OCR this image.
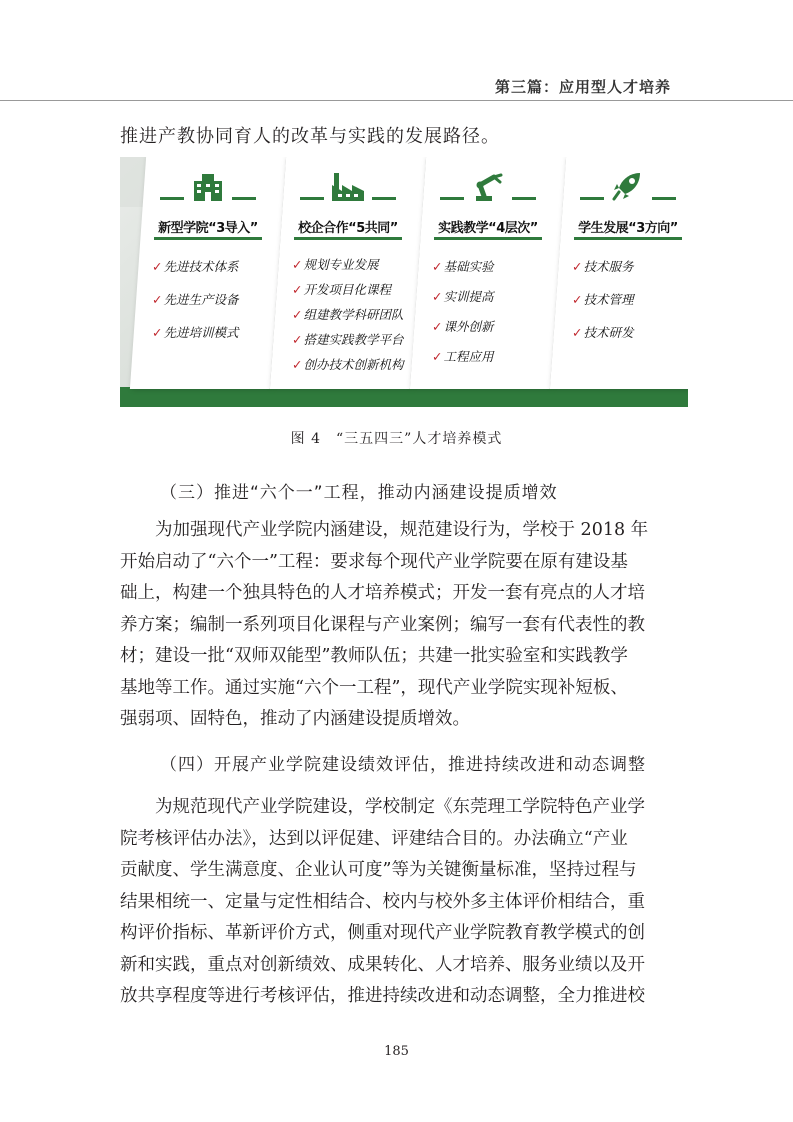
第三篇：应用型人才培养
推进产教协同育人的改革与实践的发展路径。
新型学院“3导入”
✓先进技术体系
✓先进生产设备
✓先进培训模式
校企合作“5共同”
✓规划专业发展
✓开发项目化课程
✓组建教学科研团队
✓搭建实践教学平台
✓创办技术创新机构
实践教学“4层次”
✓基础实验
✓实训提高
✓课外创新
✓工程应用
学生发展“3方向”
✓技术服务
✓技术管理
✓技术研发
图 4　“三五四三”人才培养模式
（三）推进“六个一”工程，推动内涵建设提质增效

为加强现代产业学院内涵建设，规范建设行为，学校于 2018 年
开始启动了“六个一”工程：要求每个现代产业学院要在原有建设基
础上，构建一个独具特色的人才培养模式；开发一套有亮点的人才培
养方案；编制一系列项目化课程与产业案例；编写一套有代表性的教
材；建设一批“双师双能型”教师队伍；共建一批实验室和实践教学
基地等工作。通过实施“六个一工程”，现代产业学院实现补短板、
强弱项、固特色，推动了内涵建设提质增效。

（四）开展产业学院建设绩效评估，推进持续改进和动态调整

为规范现代产业学院建设，学校制定《东莞理工学院特色产业学
院考核评估办法》，达到以评促建、评建结合目的。办法确立“产业
贡献度、学生满意度、企业认可度”等为关键衡量标准，坚持过程与
结果相统一、定量与定性相结合、校内与校外多主体评价相结合，重
构评价指标、革新评价方式，侧重对现代产业学院教育教学模式的创
新和实践，重点对创新绩效、成果转化、人才培养、服务业绩以及开
放共享程度等进行考核评估，推进持续改进和动态调整，全力推进校

185
